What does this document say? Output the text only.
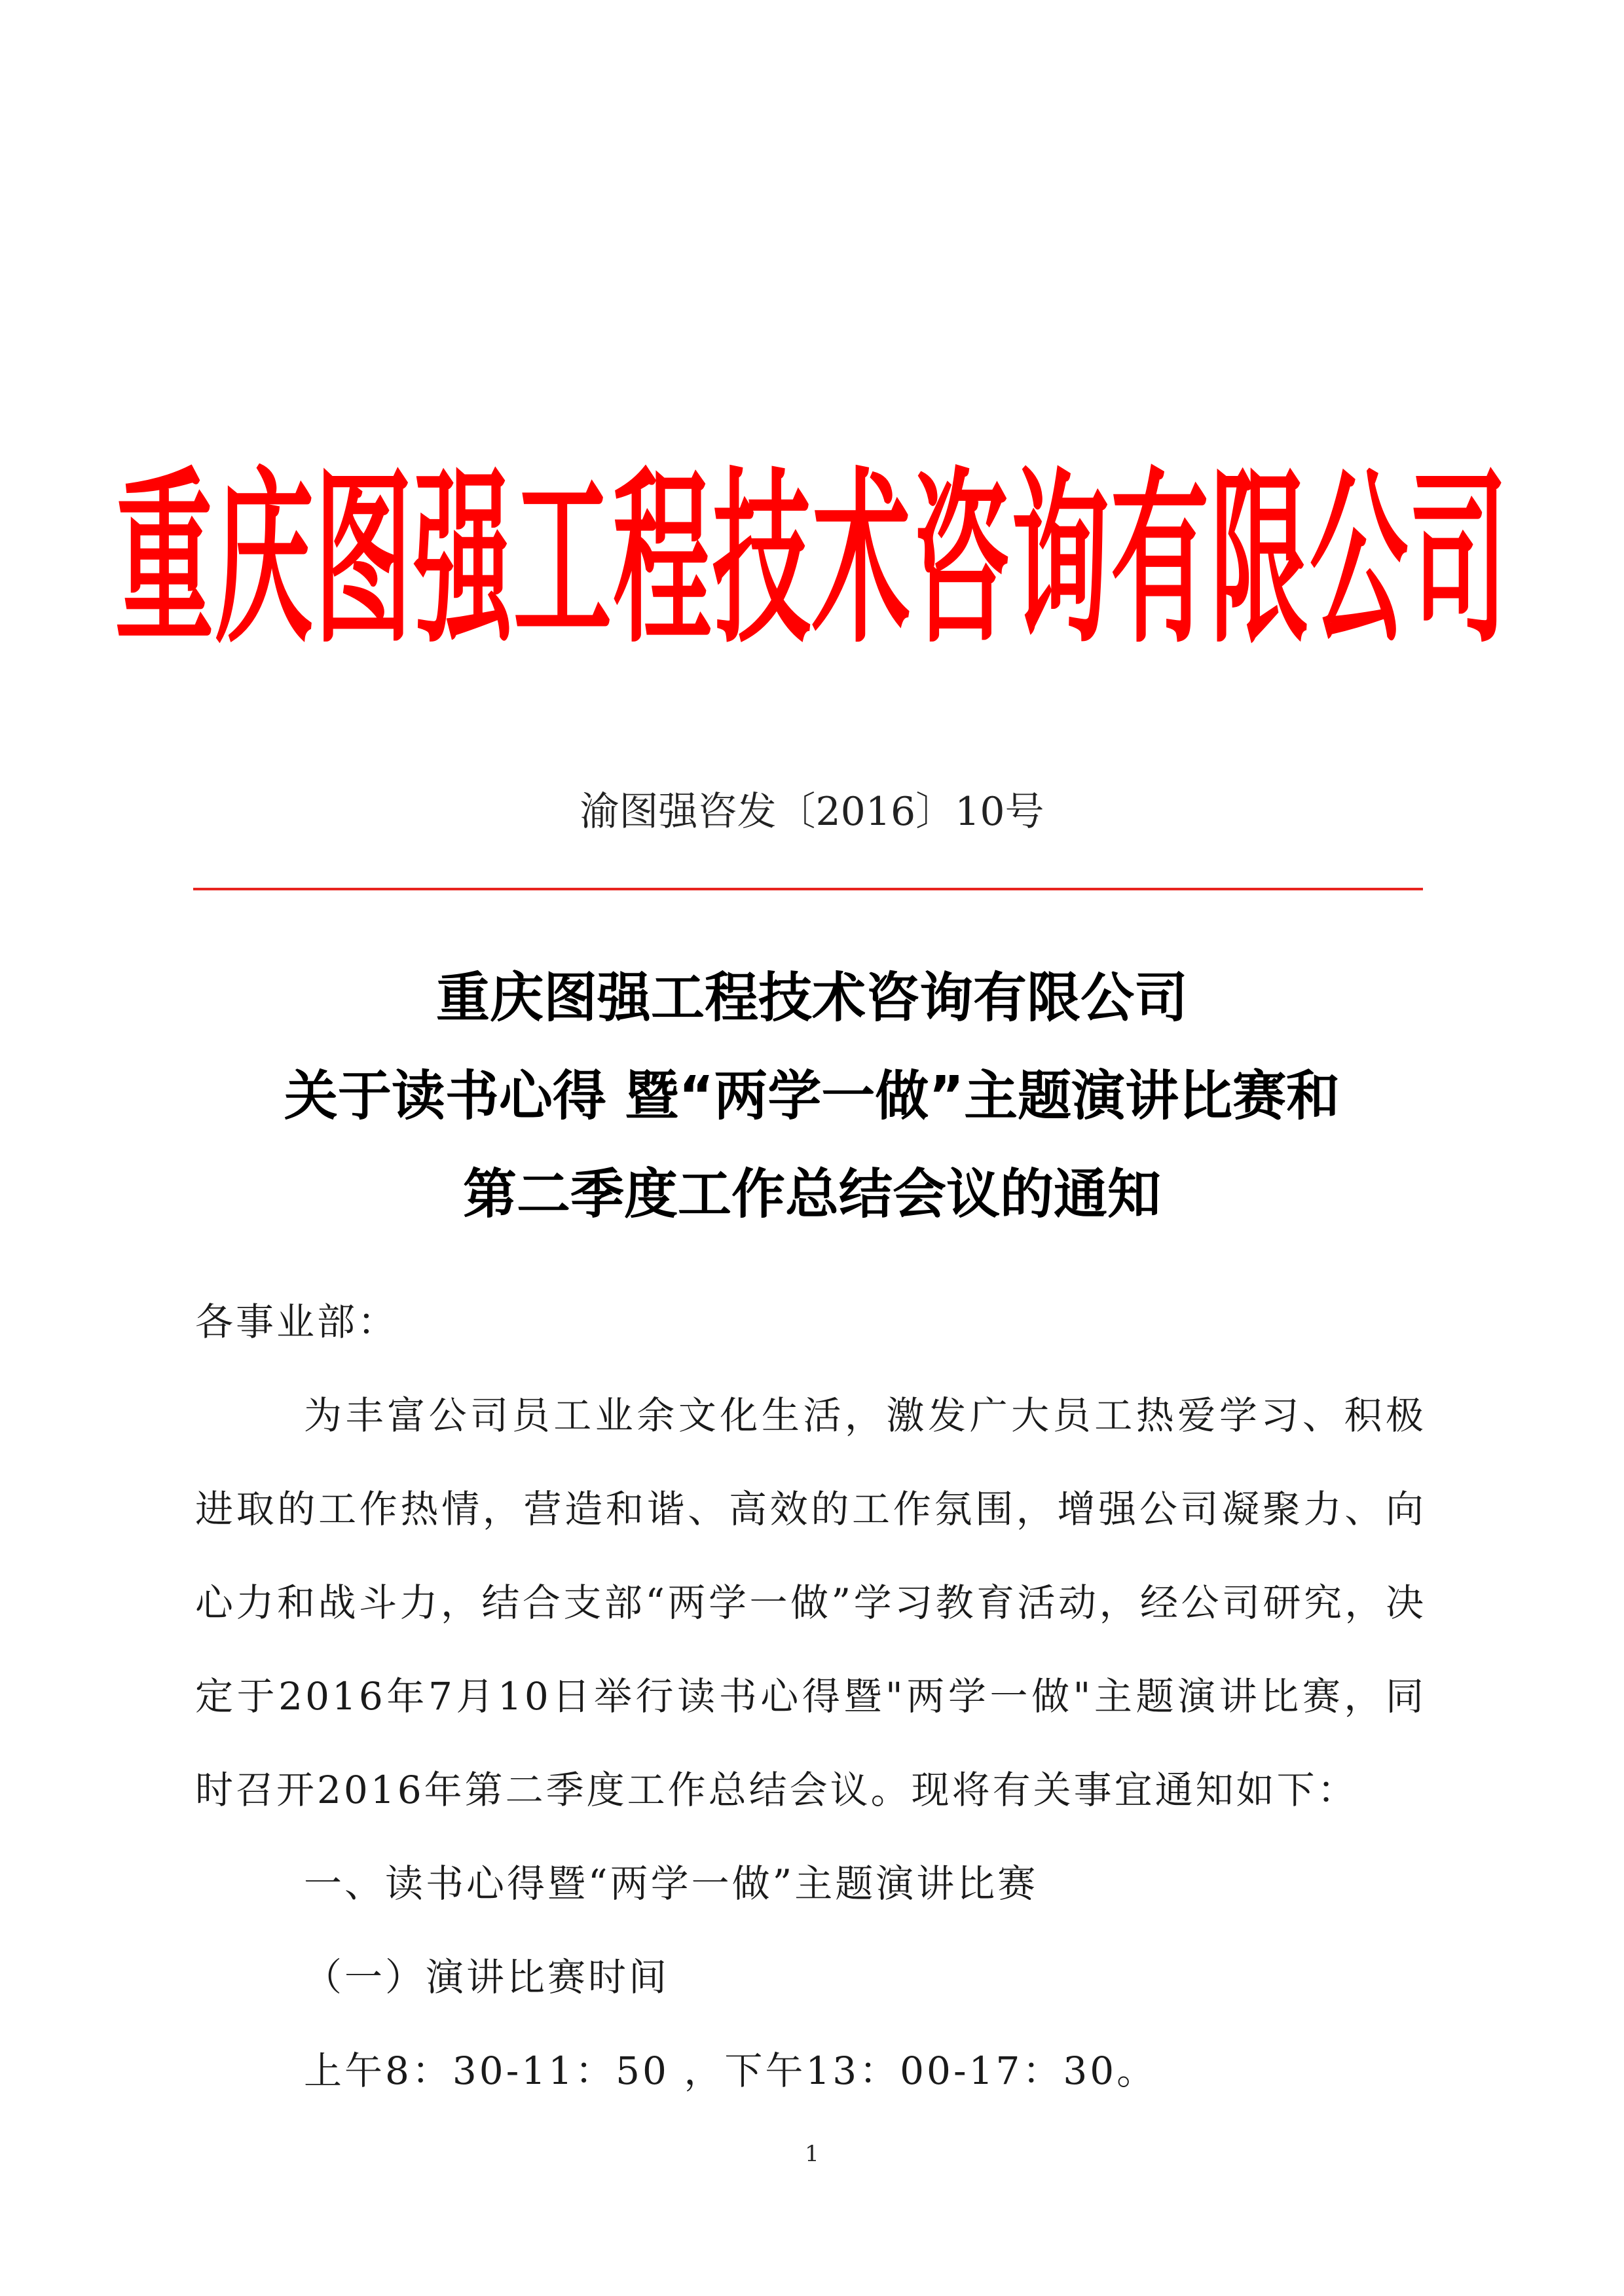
重庆图强工程技术咨询有限公司
渝图强咨发〔2016〕10号
重庆图强工程技术咨询有限公司
关于读书心得 暨“两学一做”主题演讲比赛和
第二季度工作总结会议的通知

各事业部：

为丰富公司员工业余文化生活，激发广大员工热爱学习、积极进取的工作热情，营造和谐、高效的工作氛围，增强公司凝聚力、向心力和战斗力，结合支部“两学一做”学习教育活动，经公司研究，决定于2016年7月10日举行读书心得暨"两学一做"主题演讲比赛，同时召开2016年第二季度工作总结会议。现将有关事宜通知如下：

一、读书心得暨“两学一做”主题演讲比赛

（一）演讲比赛时间

上午8：30-11：50 ，下午13：00-17：30。

1
